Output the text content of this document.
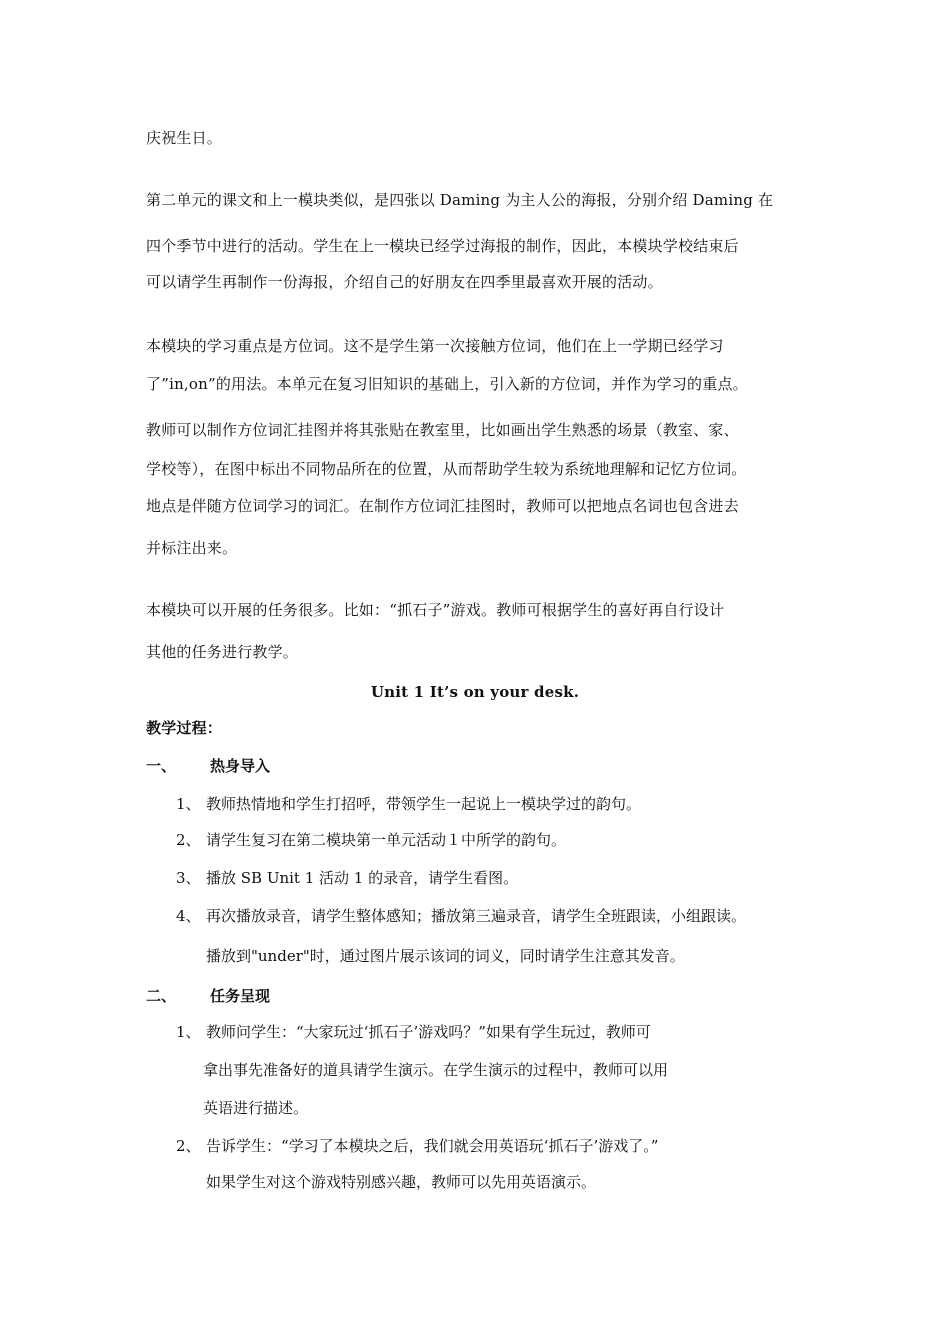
庆祝生日。
第二单元的课文和上一模块类似，是四张以 Daming 为主人公的海报，分别介绍 Daming 在
四个季节中进行的活动。学生在上一模块已经学过海报的制作，因此，本模块学校结束后
可以请学生再制作一份海报，介绍自己的好朋友在四季里最喜欢开展的活动。
本模块的学习重点是方位词。这不是学生第一次接触方位词，他们在上一学期已经学习
了”in,on”的用法。本单元在复习旧知识的基础上，引入新的方位词，并作为学习的重点。
教师可以制作方位词汇挂图并将其张贴在教室里，比如画出学生熟悉的场景（教室、家、
学校等），在图中标出不同物品所在的位置，从而帮助学生较为系统地理解和记忆方位词。
地点是伴随方位词学习的词汇。在制作方位词汇挂图时，教师可以把地点名词也包含进去
并标注出来。
本模块可以开展的任务很多。比如：“抓石子”游戏。教师可根据学生的喜好再自行设计
其他的任务进行教学。
Unit 1 It’s on your desk.
教学过程：
一、 热身导入
1、 教师热情地和学生打招呼，带领学生一起说上一模块学过的韵句。
2、 请学生复习在第二模块第一单元活动１中所学的韵句。
3、 播放 SB Unit 1 活动 1 的录音，请学生看图。
4、 再次播放录音，请学生整体感知；播放第三遍录音，请学生全班跟读，小组跟读。
播放到"under"时，通过图片展示该词的词义，同时请学生注意其发音。
二、 任务呈现
1、 教师问学生：“大家玩过‘抓石子’游戏吗？”如果有学生玩过，教师可
拿出事先准备好的道具请学生演示。在学生演示的过程中，教师可以用
英语进行描述。
2、 告诉学生：“学习了本模块之后，我们就会用英语玩‘抓石子’游戏了。”
如果学生对这个游戏特别感兴趣，教师可以先用英语演示。
